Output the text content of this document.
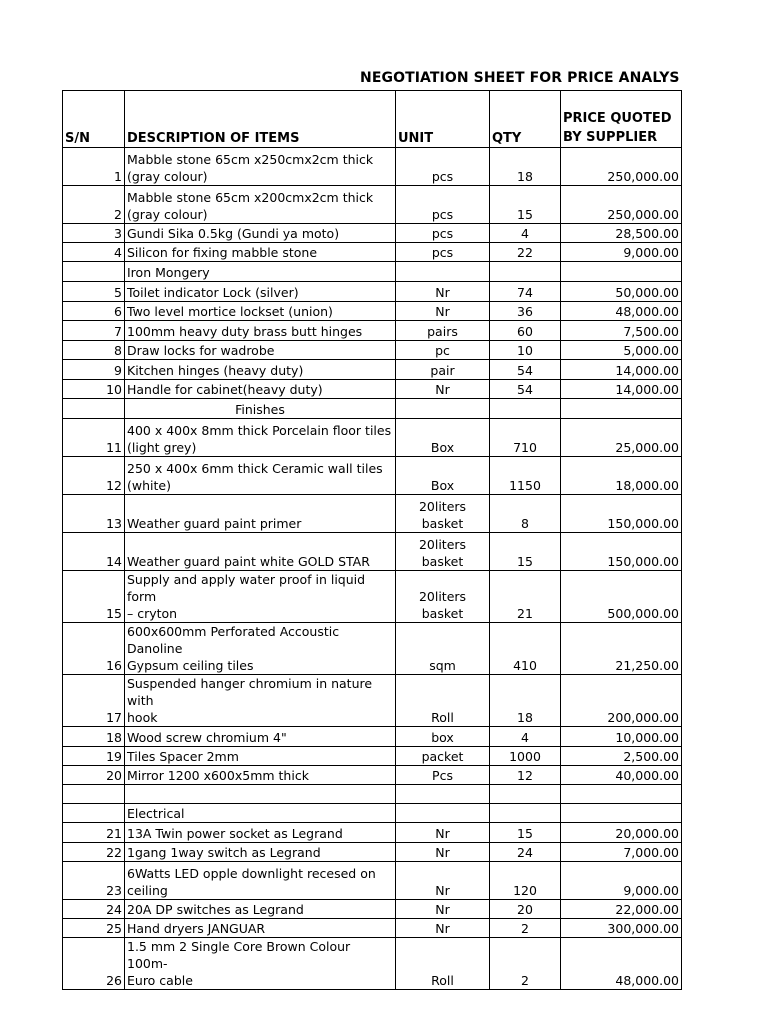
NEGOTIATION SHEET FOR PRICE ANALYS
S/N	DESCRIPTION OF ITEMS	UNIT	QTY	PRICE QUOTED
BY SUPPLIER
1	Mabble stone 65cm x250cmx2cm thick
(gray colour)	pcs	18	250,000.00
2	Mabble stone 65cm x200cmx2cm thick
(gray colour)	pcs	15	250,000.00
3	Gundi Sika 0.5kg (Gundi ya moto)	pcs	4	28,500.00
4	Silicon for fixing mabble stone	pcs	22	9,000.00
	Iron Mongery			
5	Toilet indicator Lock (silver)	Nr	74	50,000.00
6	Two level mortice lockset (union)	Nr	36	48,000.00
7	100mm heavy duty brass butt hinges	pairs	60	7,500.00
8	Draw locks for wadrobe	pc	10	5,000.00
9	Kitchen hinges (heavy duty)	pair	54	14,000.00
10	Handle for cabinet(heavy duty)	Nr	54	14,000.00
	Finishes			
11	400 x 400x 8mm thick Porcelain floor tiles
(light grey)	Box	710	25,000.00
12	250 x 400x 6mm thick Ceramic wall tiles
(white)	Box	1150	18,000.00
13	Weather guard paint primer	20liters basket	8	150,000.00
14	Weather guard paint white GOLD STAR	20liters basket	15	150,000.00
15	Supply and apply water proof in liquid form
– cryton	20liters basket	21	500,000.00
16	600x600mm Perforated Accoustic Danoline
Gypsum ceiling tiles	sqm	410	21,250.00
17	Suspended hanger chromium in nature with
hook	Roll	18	200,000.00
18	Wood screw chromium 4"	box	4	10,000.00
19	Tiles Spacer 2mm	packet	1000	2,500.00
20	Mirror 1200 x600x5mm thick	Pcs	12	40,000.00

	Electrical			
21	13A Twin power socket as Legrand	Nr	15	20,000.00
22	1gang 1way switch as Legrand	Nr	24	7,000.00
23	6Watts LED opple downlight recesed on
ceiling	Nr	120	9,000.00
24	20A DP switches as Legrand	Nr	20	22,000.00
25	Hand dryers JANGUAR	Nr	2	300,000.00
26	1.5 mm 2 Single Core Brown Colour 100m-
Euro cable	Roll	2	48,000.00
